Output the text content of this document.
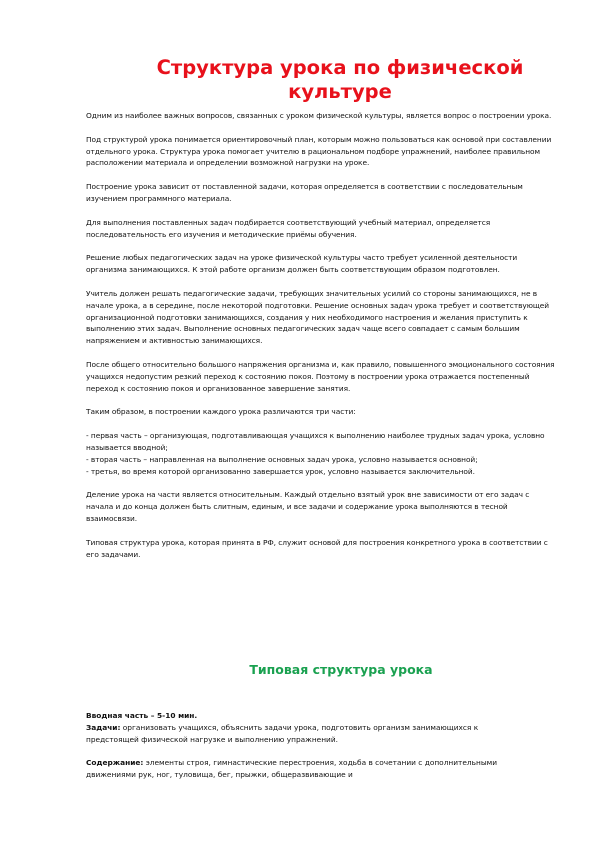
Структура урока по физической культуре

Одним из наиболее важных вопросов, связанных с уроком физической культуры, является вопрос о построении урока.

Под структурой урока понимается ориентировочный план, которым можно пользоваться как основой при составлении отдельного урока. Структура урока помогает учителю в рациональном подборе упражнений, наиболее правильном расположении материала и определении возможной нагрузки на уроке.

Построение урока зависит от поставленной задачи, которая определяется в соответствии с последовательным изучением программного материала.

Для выполнения поставленных задач подбирается соответствующий учебный материал, определяется последовательность его изучения и методические приёмы обучения.

Решение любых педагогических задач на уроке физической культуры часто требует усиленной деятельности организма занимающихся. К этой работе организм должен быть соответствующим образом подготовлен.

Учитель должен решать педагогические задачи, требующих значительных усилий со стороны занимающихся, не в начале урока, а в середине, после некоторой подготовки. Решение основных задач урока требует и соответствующей организационной подготовки занимающихся, создания у них необходимого настроения и желания приступить к выполнению этих задач. Выполнение основных педагогических задач чаще всего совпадает с самым большим напряжением и активностью занимающихся.

После общего относительно большого напряжения организма и, как правило, повышенного эмоционального состояния учащихся недопустим резкий переход к состоянию покоя. Поэтому в построении урока отражается постепенный переход к состоянию покоя и организованное завершение занятия.

Таким образом, в построении каждого урока различаются три части:

- первая часть – организующая, подготавливающая учащихся к выполнению наиболее трудных задач урока, условно называется вводной;

- вторая часть – направленная на выполнение основных задач урока, условно называется основной;

- третья, во время которой организованно завершается урок, условно называется заключительной.

Деление урока на части является относительным. Каждый отдельно взятый урок вне зависимости от его задач с начала и до конца должен быть слитным, единым, и все задачи и содержание урока выполняются в тесной взаимосвязи.

Типовая структура урока, которая принята в РФ, служит основой для построения конкретного урока в соответствии с его задачами.

Типовая структура урока

Вводная часть – 5-10 мин.

Задачи: организовать учащихся, объяснить задачи урока, подготовить организм занимающихся к предстоящей физической нагрузке и выполнению упражнений.

Содержание: элементы строя, гимнастические перестроения, ходьба в сочетании с дополнительными движениями рук, ног, туловища, бег, прыжки, общеразвивающие и
